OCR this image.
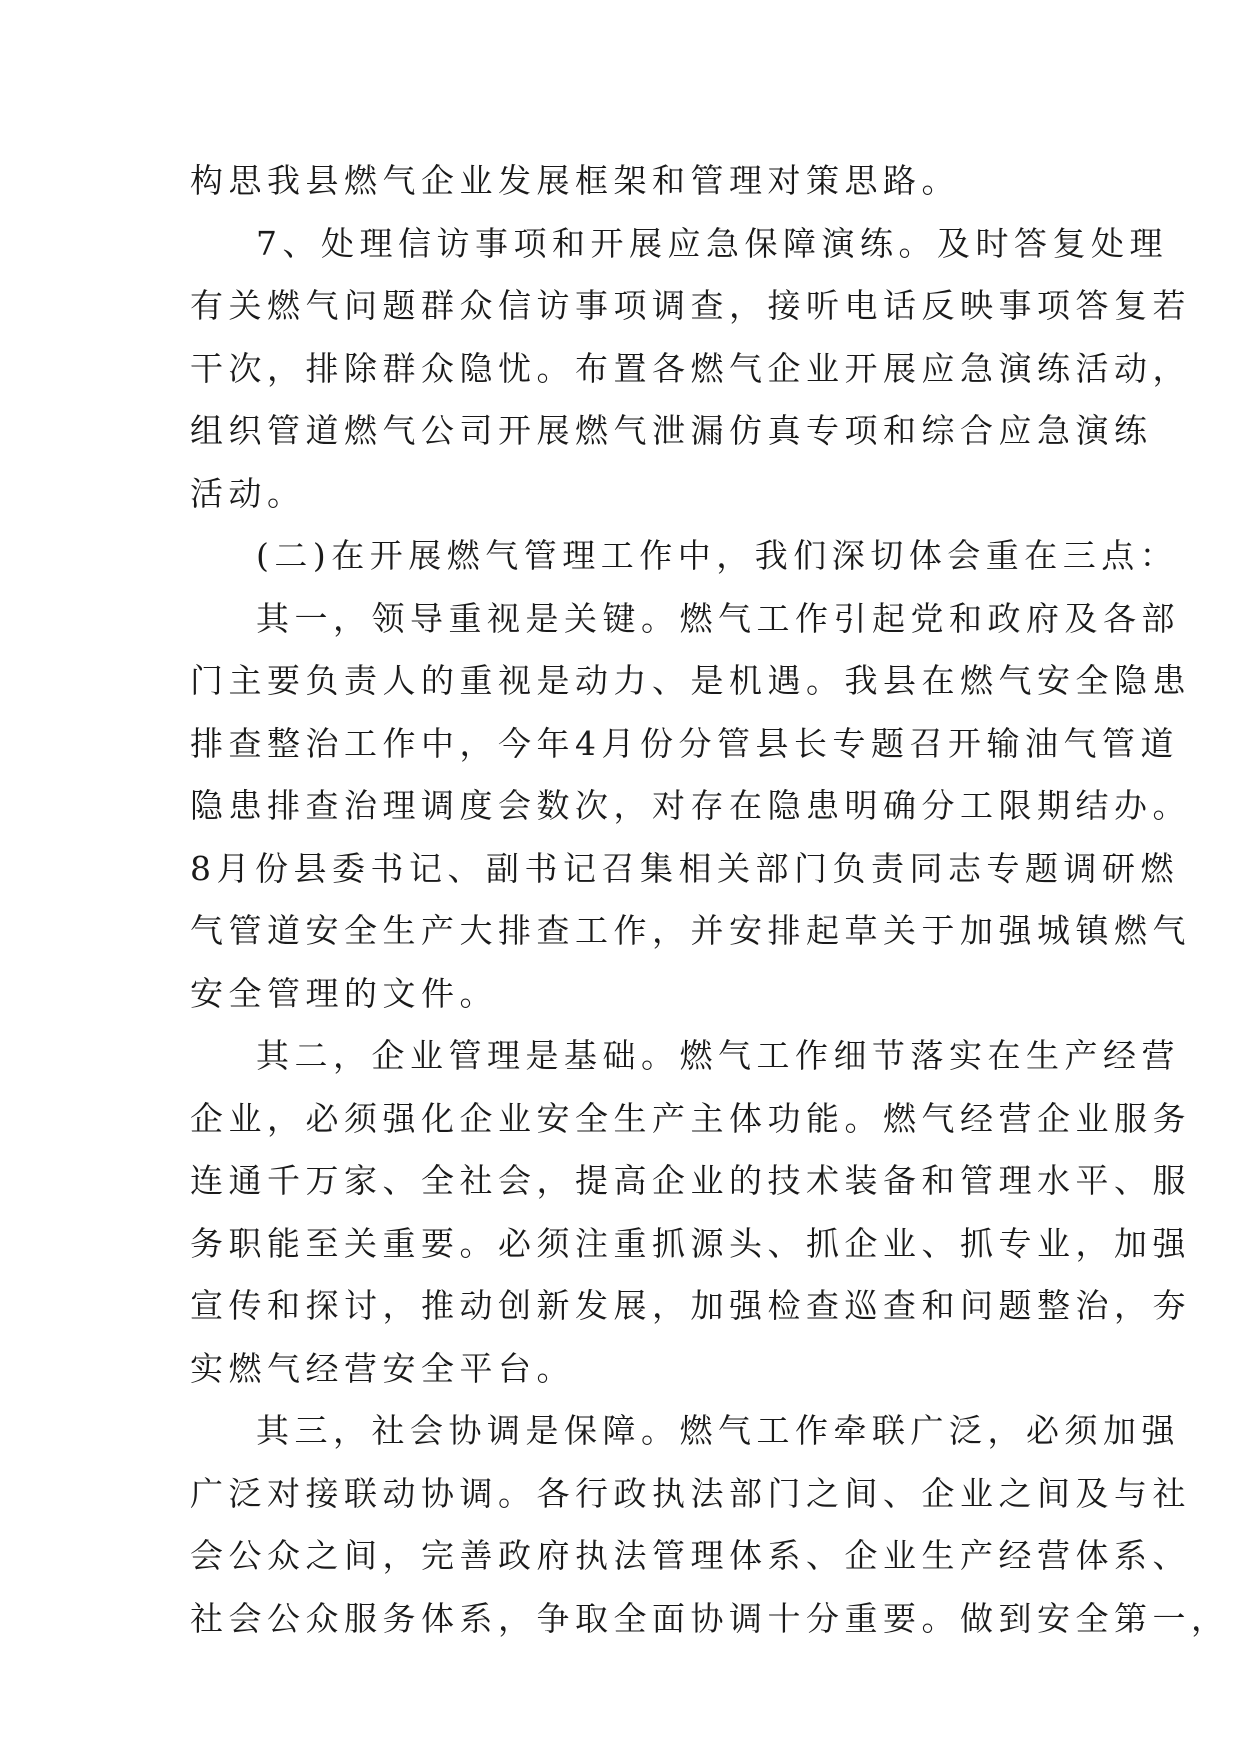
构思我县燃气企业发展框架和管理对策思路。
7、处理信访事项和开展应急保障演练。及时答复处理
有关燃气问题群众信访事项调查，接听电话反映事项答复若
干次，排除群众隐忧。布置各燃气企业开展应急演练活动，
组织管道燃气公司开展燃气泄漏仿真专项和综合应急演练
活动。
(二)在开展燃气管理工作中，我们深切体会重在三点：
其一，领导重视是关键。燃气工作引起党和政府及各部
门主要负责人的重视是动力、是机遇。我县在燃气安全隐患
排查整治工作中，今年4月份分管县长专题召开输油气管道
隐患排查治理调度会数次，对存在隐患明确分工限期结办。
8月份县委书记、副书记召集相关部门负责同志专题调研燃
气管道安全生产大排查工作，并安排起草关于加强城镇燃气
安全管理的文件。
其二，企业管理是基础。燃气工作细节落实在生产经营
企业，必须强化企业安全生产主体功能。燃气经营企业服务
连通千万家、全社会，提高企业的技术装备和管理水平、服
务职能至关重要。必须注重抓源头、抓企业、抓专业，加强
宣传和探讨，推动创新发展，加强检查巡查和问题整治，夯
实燃气经营安全平台。
其三，社会协调是保障。燃气工作牵联广泛，必须加强
广泛对接联动协调。各行政执法部门之间、企业之间及与社
会公众之间，完善政府执法管理体系、企业生产经营体系、
社会公众服务体系，争取全面协调十分重要。做到安全第一，
